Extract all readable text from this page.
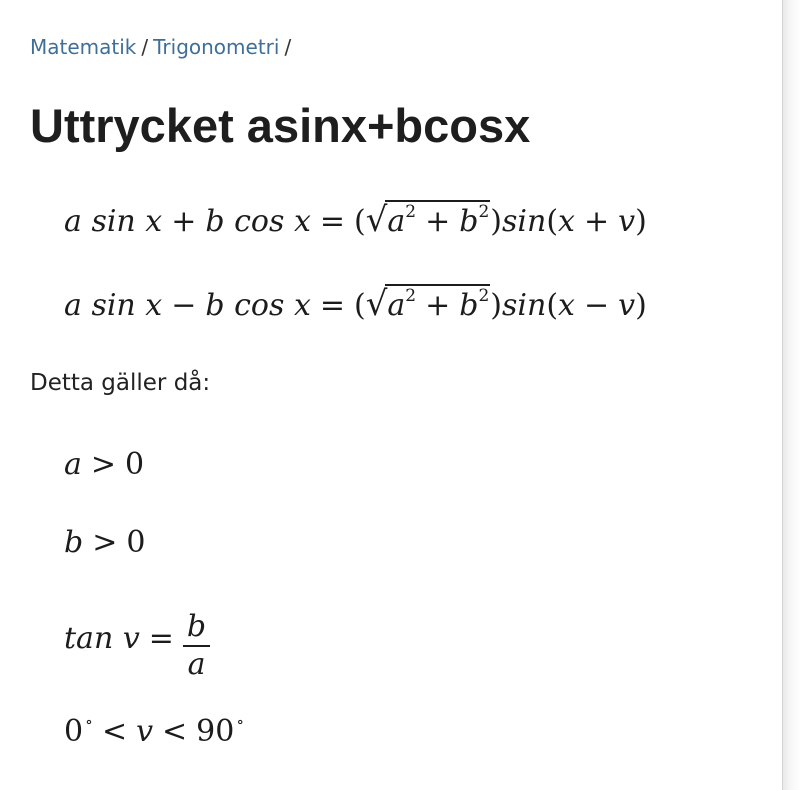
Matematik / Trigonometri /
Uttrycket asinx+bcosx
a sin x + b $\cos x = (√a^2 + b^2)\sin(x + v)$
a sin x − b $\cos x = (√a^2 + b^2)\sin(x - v)$

Detta gäller då:

a > 0
b > 0
$\tan v = \frac{b}{a}$
0 ∘ < v < 90 ∘
